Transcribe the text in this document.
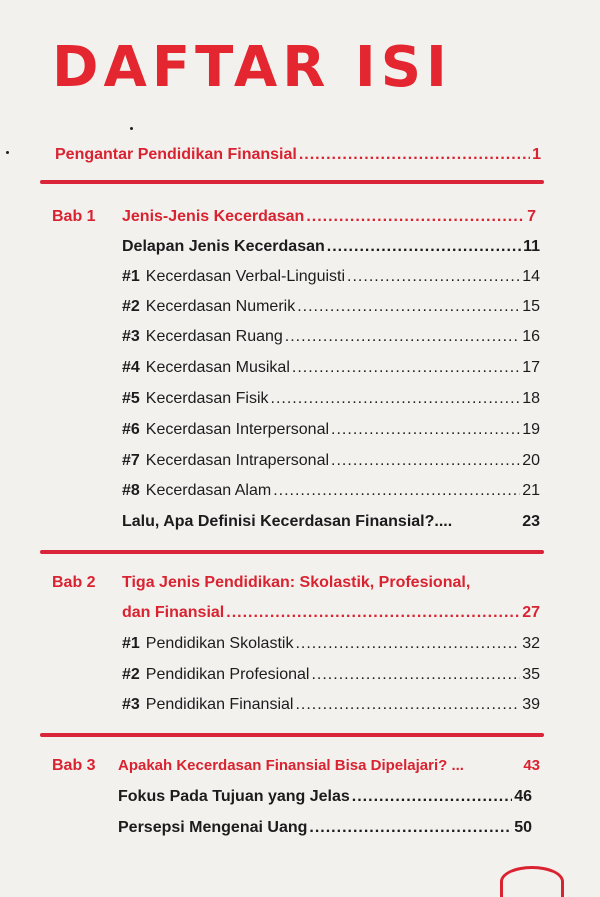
DAFTAR ISI
Pengantar Pendidikan Finansial .....	1
Bab 1 Jenis-Jenis Kecerdasan .....	7
Delapan Jenis Kecerdasan .....	11
#1 Kecerdasan Verbal-Linguisti .....	14
#2 Kecerdasan Numerik .....	15
#3 Kecerdasan Ruang .....	16
#4 Kecerdasan Musikal .....	17
#5 Kecerdasan Fisik .....	18
#6 Kecerdasan Interpersonal .....	19
#7 Kecerdasan Intrapersonal .....	20
#8 Kecerdasan Alam .....	21
Lalu, Apa Definisi Kecerdasan Finansial?....	23
Bab 2 Tiga Jenis Pendidikan: Skolastik, Profesional,
dan Finansial .....	27
#1 Pendidikan Skolastik .....	32
#2 Pendidikan Profesional .....	35
#3 Pendidikan Finansial .....	39
Bab 3 Apakah Kecerdasan Finansial Bisa Dipelajari? ...	43
Fokus Pada Tujuan yang Jelas .....	46
Persepsi Mengenai Uang .....	50
